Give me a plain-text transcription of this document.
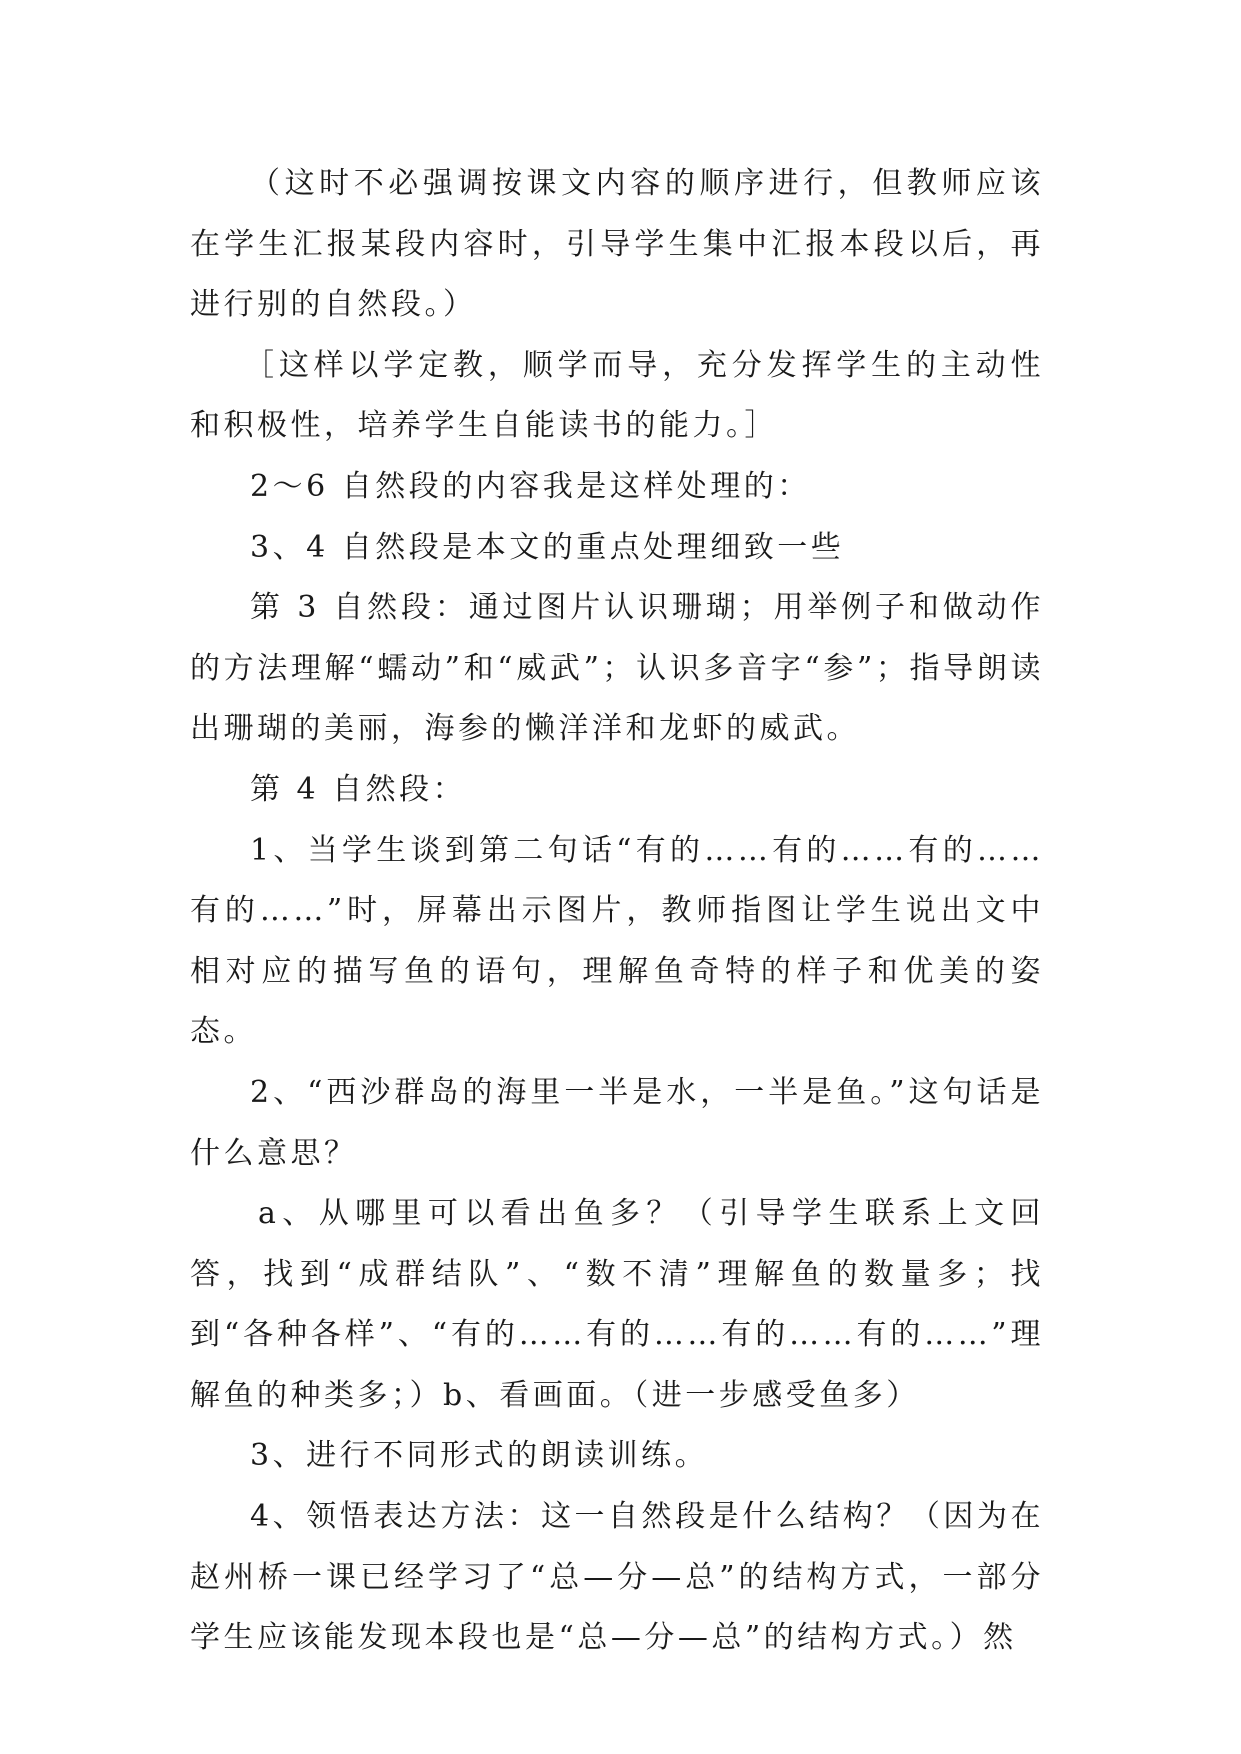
（这时不必强调按课文内容的顺序进行，但教师应该在学生汇报某段内容时，引导学生集中汇报本段以后，再进行别的自然段。）

［这样以学定教，顺学而导，充分发挥学生的主动性和积极性，培养学生自能读书的能力。］

2～6 自然段的内容我是这样处理的：

3、4 自然段是本文的重点处理细致一些

第 3 自然段：通过图片认识珊瑚；用举例子和做动作的方法理解“蠕动”和“威武”；认识多音字“参”；指导朗读出珊瑚的美丽，海参的懒洋洋和龙虾的威武。

第 4 自然段：

1、当学生谈到第二句话“有的……有的……有的……有的……”时，屏幕出示图片，教师指图让学生说出文中相对应的描写鱼的语句，理解鱼奇特的样子和优美的姿态。

2、“西沙群岛的海里一半是水，一半是鱼。”这句话是什么意思？

a、从哪里可以看出鱼多？（引导学生联系上文回答，找到“成群结队”、“数不清”理解鱼的数量多；找到“各种各样”、“有的……有的……有的……有的……”理解鱼的种类多；）b、看画面。（进一步感受鱼多）

3、进行不同形式的朗读训练。

4、领悟表达方法：这一自然段是什么结构？（因为在赵州桥一课已经学习了“总—分—总”的结构方式，一部分学生应该能发现本段也是“总—分—总”的结构方式。）然
